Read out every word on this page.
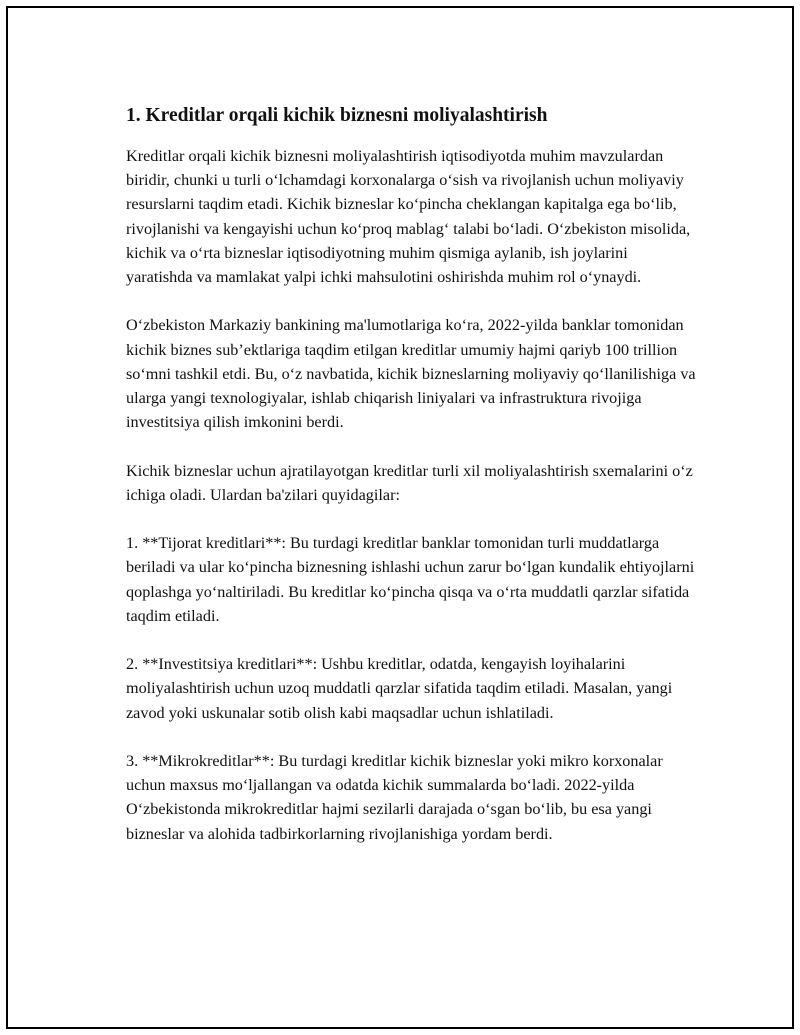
1. Kreditlar orqali kichik biznesni moliyalashtirish

Kreditlar orqali kichik biznesni moliyalashtirish iqtisodiyotda muhim mavzulardan biridir, chunki u turli o‘lchamdagi korxonalarga o‘sish va rivojlanish uchun moliyaviy resurslarni taqdim etadi. Kichik bizneslar ko‘pincha cheklangan kapitalga ega bo‘lib, rivojlanishi va kengayishi uchun ko‘proq mablag‘ talabi bo‘ladi. O‘zbekiston misolida, kichik va o‘rta bizneslar iqtisodiyotning muhim qismiga aylanib, ish joylarini yaratishda va mamlakat yalpi ichki mahsulotini oshirishda muhim rol o‘ynaydi.

O‘zbekiston Markaziy bankining ma'lumotlariga ko‘ra, 2022-yilda banklar tomonidan kichik biznes sub’ektlariga taqdim etilgan kreditlar umumiy hajmi qariyb 100 trillion so‘mni tashkil etdi. Bu, o‘z navbatida, kichik bizneslarning moliyaviy qo‘llanilishiga va ularga yangi texnologiyalar, ishlab chiqarish liniyalari va infrastruktura rivojiga investitsiya qilish imkonini berdi.

Kichik bizneslar uchun ajratilayotgan kreditlar turli xil moliyalashtirish sxemalarini o‘z ichiga oladi. Ulardan ba'zilari quyidagilar:

1. **Tijorat kreditlari**: Bu turdagi kreditlar banklar tomonidan turli muddatlarga beriladi va ular ko‘pincha biznesning ishlashi uchun zarur bo‘lgan kundalik ehtiyojlarni qoplashga yo‘naltiriladi. Bu kreditlar ko‘pincha qisqa va o‘rta muddatli qarzlar sifatida taqdim etiladi.

2. **Investitsiya kreditlari**: Ushbu kreditlar, odatda, kengayish loyihalarini moliyalashtirish uchun uzoq muddatli qarzlar sifatida taqdim etiladi. Masalan, yangi zavod yoki uskunalar sotib olish kabi maqsadlar uchun ishlatiladi.

3. **Mikrokreditlar**: Bu turdagi kreditlar kichik bizneslar yoki mikro korxonalar uchun maxsus mo‘ljallangan va odatda kichik summalarda bo‘ladi. 2022-yilda O‘zbekistonda mikrokreditlar hajmi sezilarli darajada o‘sgan bo‘lib, bu esa yangi bizneslar va alohida tadbirkorlarning rivojlanishiga yordam berdi.
